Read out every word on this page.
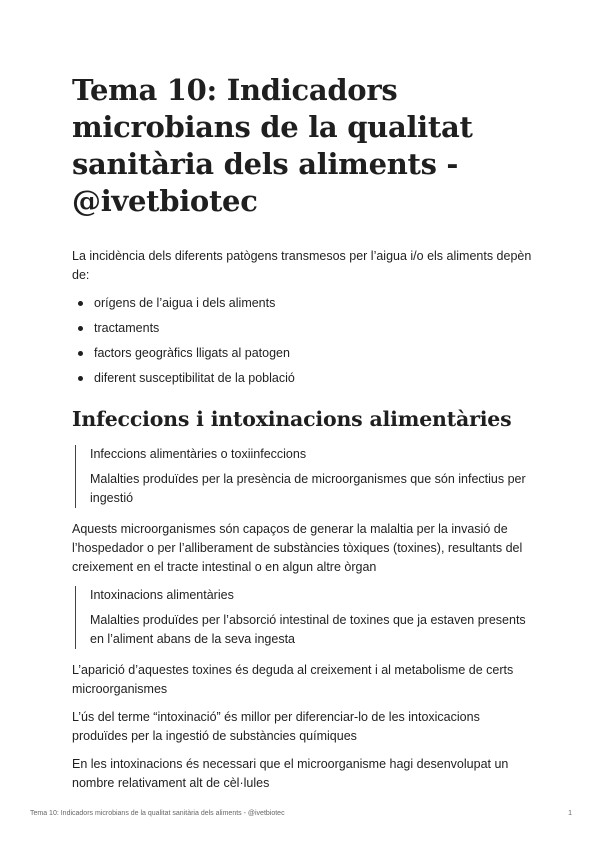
Tema 10: Indicadors microbians de la qualitat sanitària dels aliments - @ivetbiotec

La incidència dels diferents patògens transmesos per l’aigua i/o els aliments depèn de:

orígens de l’aigua i dels aliments
tractaments
factors geogràfics lligats al patogen
diferent susceptibilitat de la població
Infeccions i intoxinacions alimentàries

Infeccions alimentàries o toxiinfeccions

Malalties produïdes per la presència de microorganismes que són infectius per ingestió

Aquests microorganismes són capaços de generar la malaltia per la invasió de l’hospedador o per l’alliberament de substàncies tòxiques (toxines), resultants del creixement en el tracte intestinal o en algun altre òrgan

Intoxinacions alimentàries

Malalties produïdes per l’absorció intestinal de toxines que ja estaven presents en l’aliment abans de la seva ingesta

L’aparició d’aquestes toxines és deguda al creixement i al metabolisme de certs microorganismes

L’ús del terme “intoxinació” és millor per diferenciar-lo de les intoxicacions produïdes per la ingestió de substàncies químiques

En les intoxinacions és necessari que el microorganisme hagi desenvolupat un nombre relativament alt de cèl·lules

Tema 10: Indicadors microbians de la qualitat sanitària dels aliments - @ivetbiotec	1
